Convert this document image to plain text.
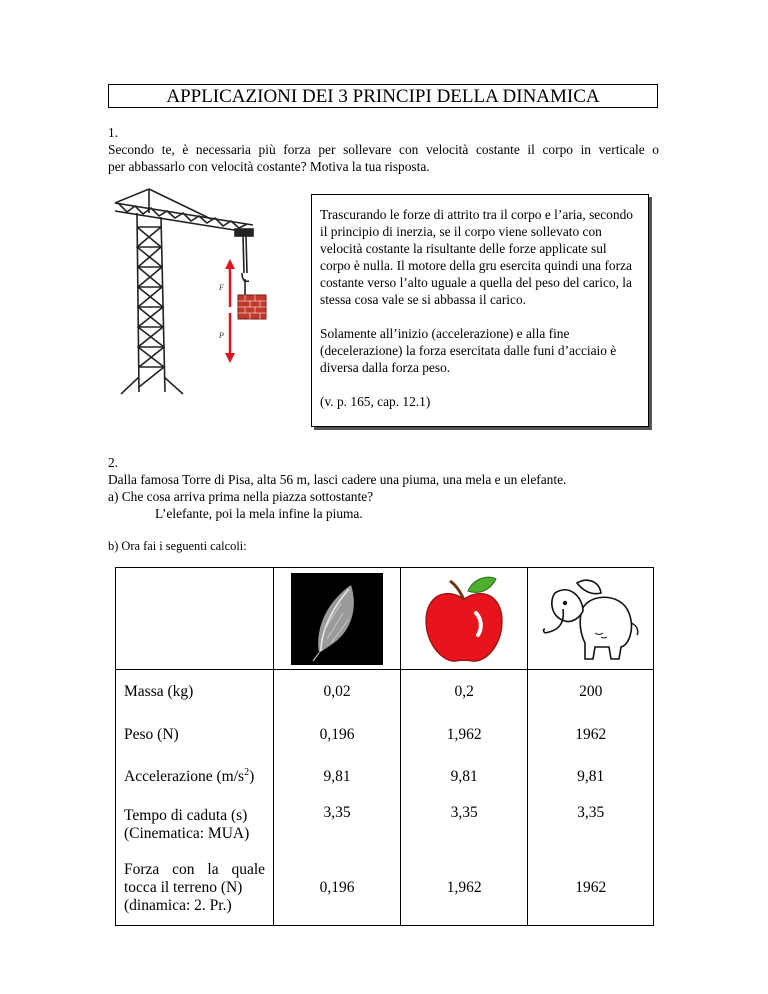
APPLICAZIONI DEI 3 PRINCIPI DELLA DINAMICA
1.
Secondo te, è necessaria più forza per sollevare con velocità costante il corpo in verticale o
per abbassarlo con velocità costante? Motiva la tua risposta.
F
P

Trascurando le forze di attrito tra il corpo e l’aria, secondo il principio di inerzia, se il corpo viene sollevato con velocità costante la risultante delle forze applicate sul corpo è nulla. Il motore della gru esercita quindi una forza costante verso l’alto uguale a quella del peso del carico, la stessa cosa vale se si abbassa il carico.

Solamente all’inizio (accelerazione) e alla fine (decelerazione) la forza esercitata dalle funi d’acciaio è diversa dalla forza peso.

(v. p. 165, cap. 12.1)

2.
Dalla famosa Torre di Pisa, alta 56 m, lasci cadere una piuma, una mela e un elefante.
a) Che cosa arriva prima nella piazza sottostante?
L’elefante, poi la mela infine la piuma.
b) Ora fai i seguenti calcoli:

Massa (kg)	0,02	0,2	200
Peso (N)	0,196	1,962	1962
Accelerazione $(m/s^2)$	9,81	9,81	9,81
Tempo di caduta (s)
(Cinematica: MUA)	3,35	3,35	3,35

Forza con la quale
tocca il terreno (N)
(dinamica: 2. Pr.)	0,196	1,962	1962
